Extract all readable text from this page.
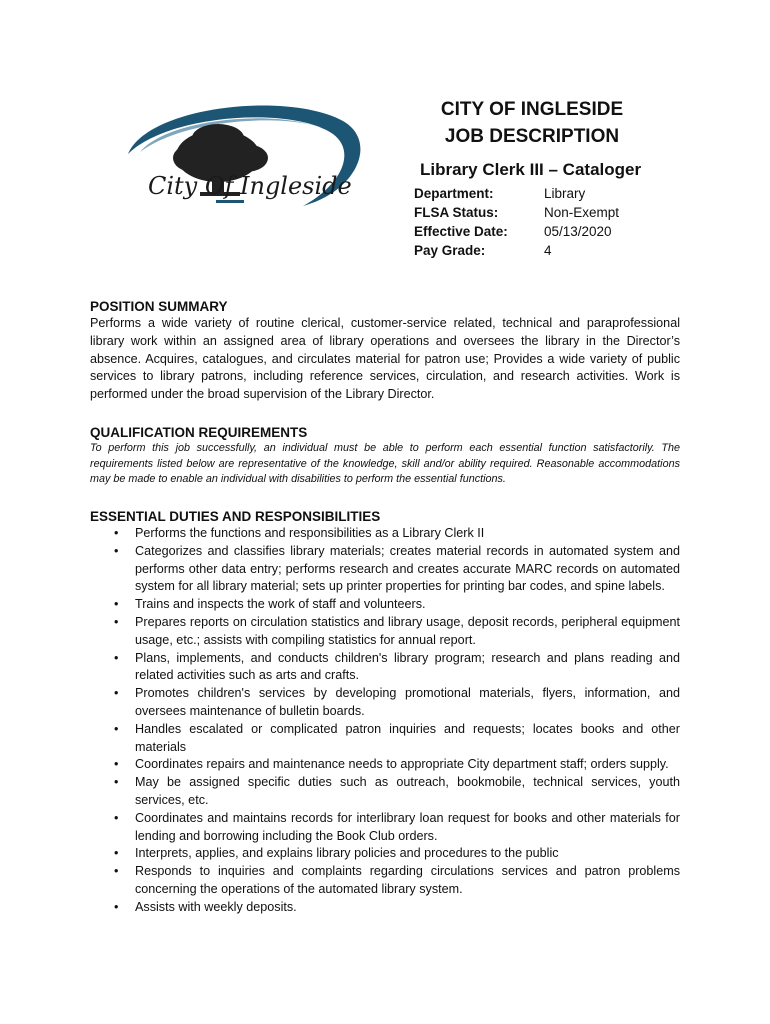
City Of Ingleside
CITY OF INGLESIDE
JOB DESCRIPTION
Library Clerk III – Cataloger
Department:	Library
FLSA Status:	Non-Exempt
Effective Date:	05/13/2020
Pay Grade:	4

POSITION SUMMARY

Performs a wide variety of routine clerical, customer-service related, technical and paraprofessional library work within an assigned area of library operations and oversees the library in the Director’s absence. Acquires, catalogues, and circulates material for patron use; Provides a wide variety of public services to library patrons, including reference services, circulation, and research activities. Work is performed under the broad supervision of the Library Director.

QUALIFICATION REQUIREMENTS

To perform this job successfully, an individual must be able to perform each essential function satisfactorily. The requirements listed below are representative of the knowledge, skill and/or ability required. Reasonable accommodations may be made to enable an individual with disabilities to perform the essential functions.

ESSENTIAL DUTIES AND RESPONSIBILITIES

• Performs the functions and responsibilities as a Library Clerk II
• Categorizes and classifies library materials; creates material records in automated system and performs other data entry; performs research and creates accurate MARC records on automated system for all library material; sets up printer properties for printing bar codes, and spine labels.
• Trains and inspects the work of staff and volunteers.
• Prepares reports on circulation statistics and library usage, deposit records, peripheral equipment usage, etc.; assists with compiling statistics for annual report.
• Plans, implements, and conducts children's library program; research and plans reading and related activities such as arts and crafts.
• Promotes children's services by developing promotional materials, flyers, information, and oversees maintenance of bulletin boards.
• Handles escalated or complicated patron inquiries and requests; locates books and other materials
• Coordinates repairs and maintenance needs to appropriate City department staff; orders supply.
• May be assigned specific duties such as outreach, bookmobile, technical services, youth services, etc.
• Coordinates and maintains records for interlibrary loan request for books and other materials for lending and borrowing including the Book Club orders.
• Interprets, applies, and explains library policies and procedures to the public
• Responds to inquiries and complaints regarding circulations services and patron problems concerning the operations of the automated library system.
• Assists with weekly deposits.
